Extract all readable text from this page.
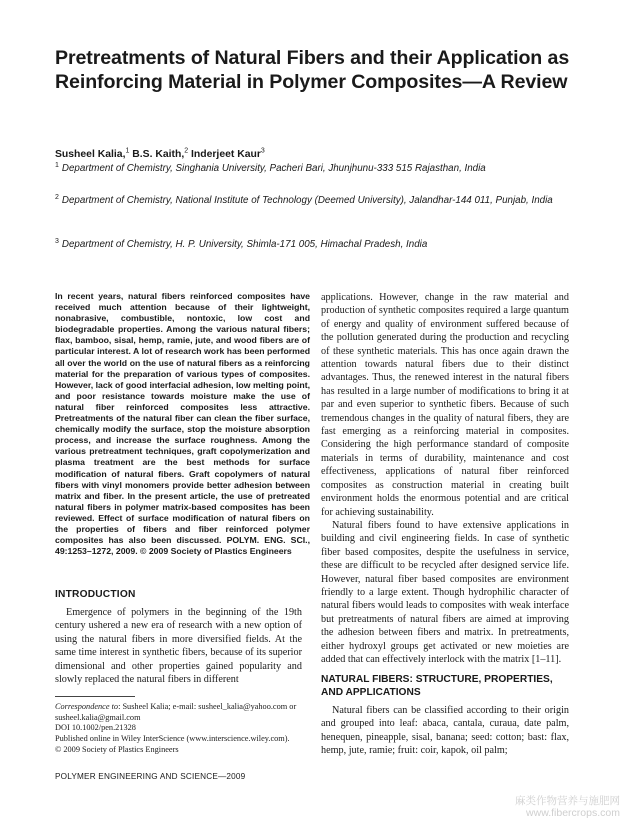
Pretreatments of Natural Fibers and their Application as Reinforcing Material in Polymer Composites—A Review
Susheel Kalia,$^1$ B.S. Kaith,$^2$ Inderjeet Kaur$^3$
$^1$ Department of Chemistry, Singhania University, Pacheri Bari, Jhunjhunu-333 515 Rajasthan, India
$^2$ Department of Chemistry, National Institute of Technology (Deemed University), Jalandhar-144 011, Punjab, India
$^3$ Department of Chemistry, H. P. University, Shimla-171 005, Himachal Pradesh, India

In recent years, natural fibers reinforced composites have received much attention because of their lightweight, nonabrasive, combustible, nontoxic, low cost and biodegradable properties. Among the various natural fibers; flax, bamboo, sisal, hemp, ramie, jute, and wood fibers are of particular interest. A lot of research work has been performed all over the world on the use of natural fibers as a reinforcing material for the preparation of various types of composites. However, lack of good interfacial adhesion, low melting point, and poor resistance towards moisture make the use of natural fiber reinforced composites less attractive. Pretreatments of the natural fiber can clean the fiber surface, chemically modify the surface, stop the moisture absorption process, and increase the surface roughness. Among the various pretreatment techniques, graft copolymerization and plasma treatment are the best methods for surface modification of natural fibers. Graft copolymers of natural fibers with vinyl monomers provide better adhesion between matrix and fiber. In the present article, the use of pretreated natural fibers in polymer matrix-based composites has been reviewed. Effect of surface modification of natural fibers on the properties of fibers and fiber reinforced polymer composites has also been discussed. POLYM. ENG. SCI., 49:1253–1272, 2009. © 2009 Society of Plastics Engineers

INTRODUCTION

Emergence of polymers in the beginning of the 19th century ushered a new era of research with a new option of using the natural fibers in more diversified fields. At the same time interest in synthetic fibers, because of its superior dimensional and other properties gained popularity and slowly replaced the natural fibers in different

Correspondence to: Susheel Kalia; e-mail: susheel_kalia@yahoo.com or
susheel.kalia@gmail.com
DOI 10.1002/pen.21328
Published online in Wiley InterScience (www.interscience.wiley.com).
© 2009 Society of Plastics Engineers
POLYMER ENGINEERING AND SCIENCE—2009

applications. However, change in the raw material and production of synthetic composites required a large quantum of energy and quality of environment suffered because of the pollution generated during the production and recycling of these synthetic materials. This has once again drawn the attention towards natural fibers due to their distinct advantages. Thus, the renewed interest in the natural fibers has resulted in a large number of modifications to bring it at par and even superior to synthetic fibers. Because of such tremendous changes in the quality of natural fibers, they are fast emerging as a reinforcing material in composites. Considering the high performance standard of composite materials in terms of durability, maintenance and cost effectiveness, applications of natural fiber reinforced composites as construction material in creating built environment holds the enormous potential and are critical for achieving sustainability.

Natural fibers found to have extensive applications in building and civil engineering fields. In case of synthetic fiber based composites, despite the usefulness in service, these are difficult to be recycled after designed service life. However, natural fiber based composites are environment friendly to a large extent. Though hydrophilic character of natural fibers would leads to composites with weak interface but pretreatments of natural fibers are aimed at improving the adhesion between fibers and matrix. In pretreatments, either hydroxyl groups get activated or new moieties are added that can effectively interlock with the matrix [1–11].

NATURAL FIBERS: STRUCTURE, PROPERTIES, AND APPLICATIONS

Natural fibers can be classified according to their origin and grouped into leaf: abaca, cantala, curaua, date palm, henequen, pineapple, sisal, banana; seed: cotton; bast: flax, hemp, jute, ramie; fruit: coir, kapok, oil palm;

麻类作物营养与施肥网
www.fibercrops.com
